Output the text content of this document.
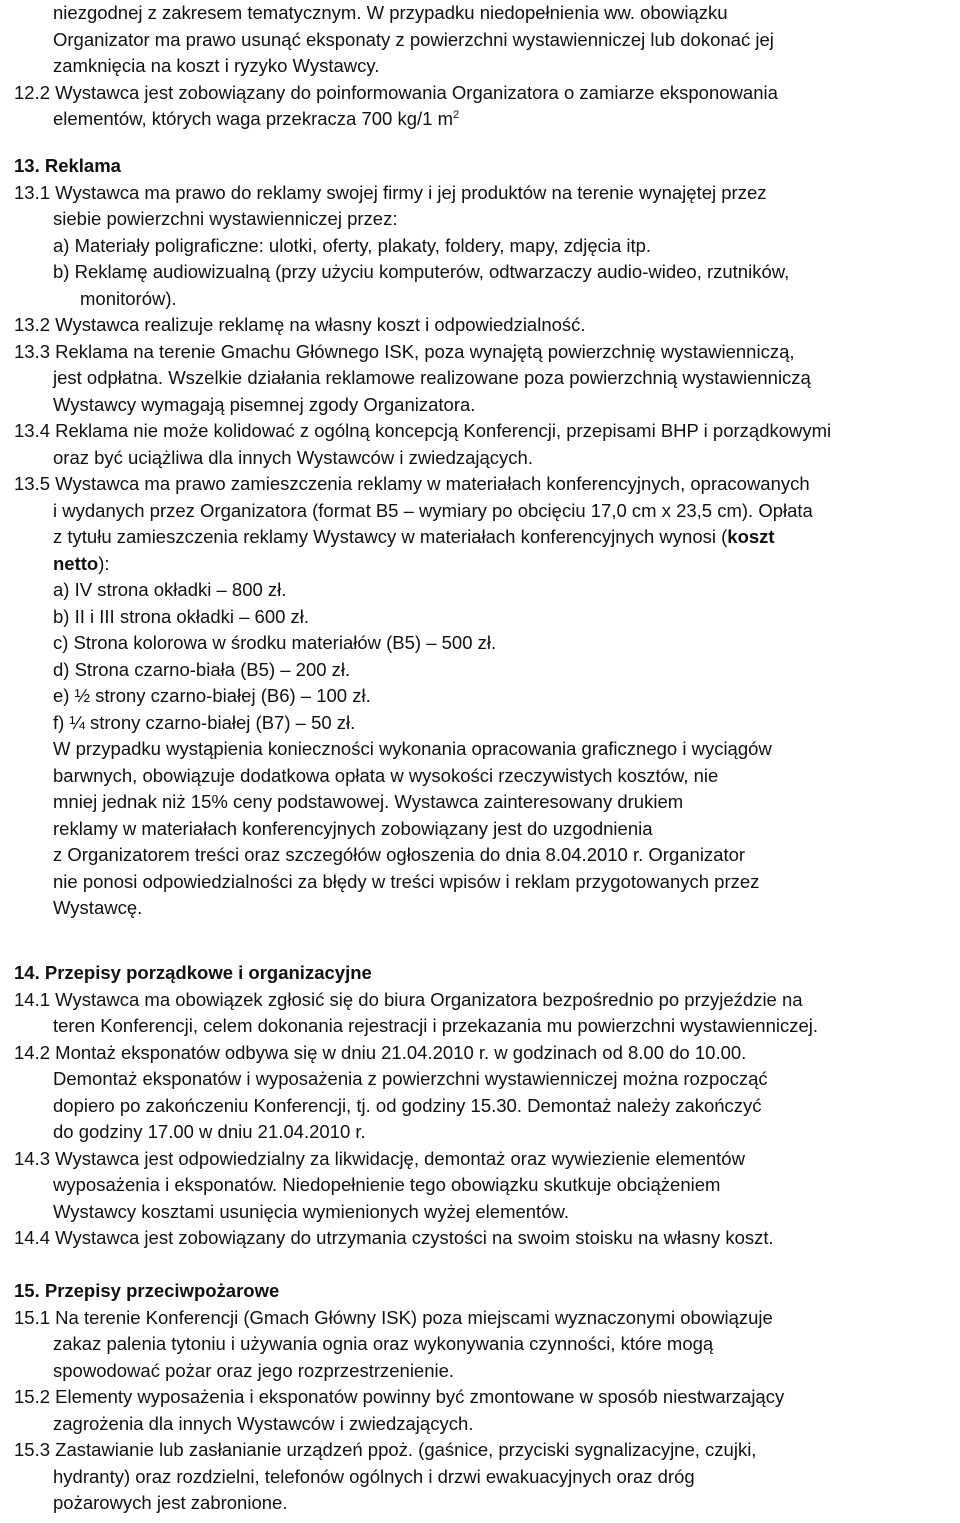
niezgodnej z zakresem tematycznym. W przypadku niedopełnienia ww. obowiązku

Organizator ma prawo usunąć eksponaty z powierzchni wystawienniczej lub dokonać jej

zamknięcia na koszt i ryzyko Wystawcy.

12.2 Wystawca jest zobowiązany do poinformowania Organizatora o zamiarze eksponowania

elementów, których waga przekracza 700 kg/1 $m^2$

13. Reklama

13.1 Wystawca ma prawo do reklamy swojej firmy i jej produktów na terenie wynajętej przez

siebie powierzchni wystawienniczej przez:

a) Materiały poligraficzne: ulotki, oferty, plakaty, foldery, mapy, zdjęcia itp.

b) Reklamę audiowizualną (przy użyciu komputerów, odtwarzaczy audio-wideo, rzutników,

monitorów).

13.2 Wystawca realizuje reklamę na własny koszt i odpowiedzialność.

13.3 Reklama na terenie Gmachu Głównego ISK, poza wynajętą powierzchnię wystawienniczą,

jest odpłatna. Wszelkie działania reklamowe realizowane poza powierzchnią wystawienniczą

Wystawcy wymagają pisemnej zgody Organizatora.

13.4 Reklama nie może kolidować z ogólną koncepcją Konferencji, przepisami BHP i porządkowymi

oraz być uciążliwa dla innych Wystawców i zwiedzających.

13.5 Wystawca ma prawo zamieszczenia reklamy w materiałach konferencyjnych, opracowanych

i wydanych przez Organizatora (format B5 – wymiary po obcięciu 17,0 cm x 23,5 cm). Opłata

z tytułu zamieszczenia reklamy Wystawcy w materiałach konferencyjnych wynosi (koszt

netto):

a) IV strona okładki – 800 zł.

b) II i III strona okładki – 600 zł.

c) Strona kolorowa w środku materiałów (B5) – 500 zł.

d) Strona czarno-biała (B5) – 200 zł.

e) ½ strony czarno-białej (B6) – 100 zł.

f) ¼ strony czarno-białej (B7) – 50 zł.

W przypadku wystąpienia konieczności wykonania opracowania graficznego i wyciągów

barwnych, obowiązuje dodatkowa opłata w wysokości rzeczywistych kosztów, nie

mniej jednak niż 15% ceny podstawowej. Wystawca zainteresowany drukiem

reklamy w materiałach konferencyjnych zobowiązany jest do uzgodnienia

z Organizatorem treści oraz szczegółów ogłoszenia do dnia 8.04.2010 r. Organizator

nie ponosi odpowiedzialności za błędy w treści wpisów i reklam przygotowanych przez

Wystawcę.

14. Przepisy porządkowe i organizacyjne

14.1 Wystawca ma obowiązek zgłosić się do biura Organizatora bezpośrednio po przyjeździe na

teren Konferencji, celem dokonania rejestracji i przekazania mu powierzchni wystawienniczej.

14.2 Montaż eksponatów odbywa się w dniu 21.04.2010 r. w godzinach od 8.00 do 10.00.

Demontaż eksponatów i wyposażenia z powierzchni wystawienniczej można rozpocząć

dopiero po zakończeniu Konferencji, tj. od godziny 15.30. Demontaż należy zakończyć

do godziny 17.00 w dniu 21.04.2010 r.

14.3 Wystawca jest odpowiedzialny za likwidację, demontaż oraz wywiezienie elementów

wyposażenia i eksponatów. Niedopełnienie tego obowiązku skutkuje obciążeniem

Wystawcy kosztami usunięcia wymienionych wyżej elementów.

14.4 Wystawca jest zobowiązany do utrzymania czystości na swoim stoisku na własny koszt.

15. Przepisy przeciwpożarowe

15.1 Na terenie Konferencji (Gmach Główny ISK) poza miejscami wyznaczonymi obowiązuje

zakaz palenia tytoniu i używania ognia oraz wykonywania czynności, które mogą

spowodować pożar oraz jego rozprzestrzenienie.

15.2 Elementy wyposażenia i eksponatów powinny być zmontowane w sposób niestwarzający

zagrożenia dla innych Wystawców i zwiedzających.

15.3 Zastawianie lub zasłanianie urządzeń ppoż. (gaśnice, przyciski sygnalizacyjne, czujki,

hydranty) oraz rozdzielni, telefonów ogólnych i drzwi ewakuacyjnych oraz dróg

pożarowych jest zabronione.
